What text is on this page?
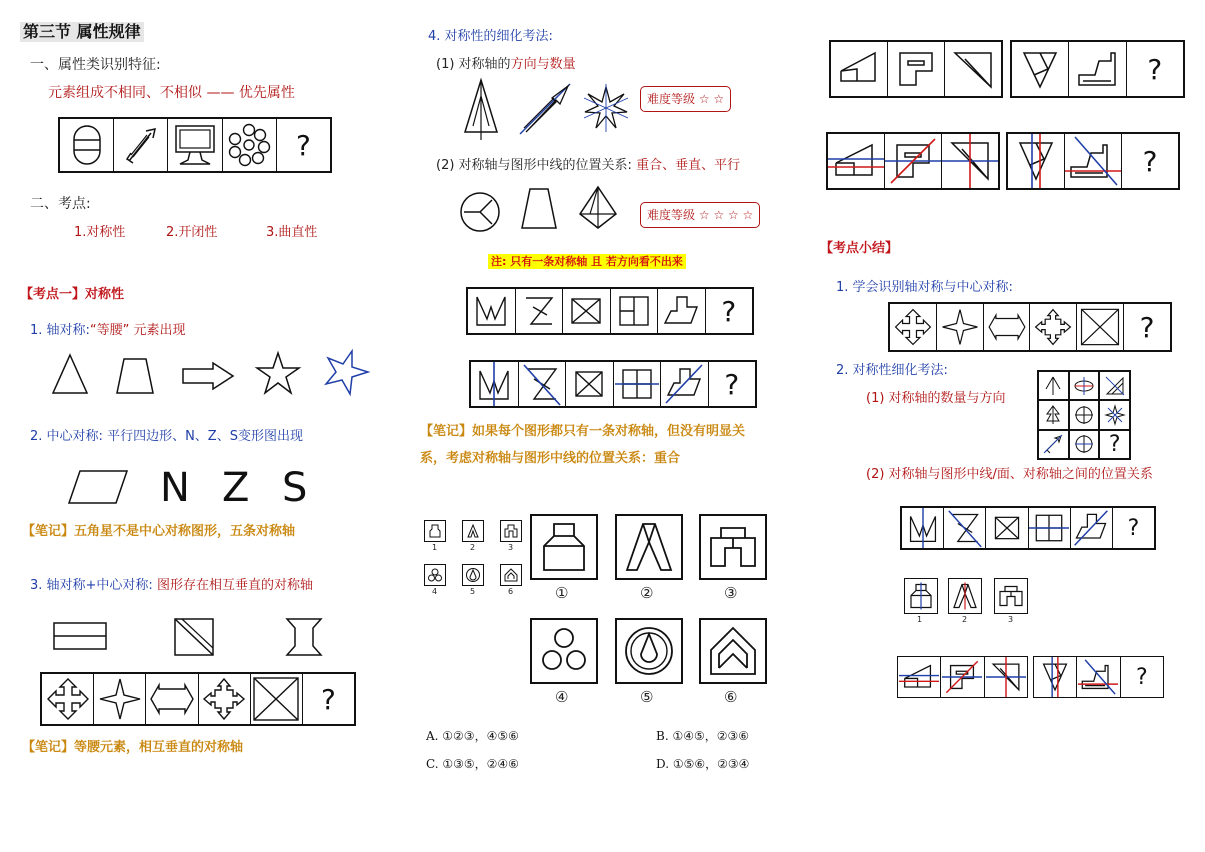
第三节 属性规律
一、属性类识别特征:
元素组成不相同、不相似 —— 优先属性
?
二、考点:
1.对称性	2.开闭性	3.曲直性
【考点一】对称性
1. 轴对称:“等腰” 元素出现
2. 中心对称: 平行四边形、N、Z、S变形图出现
N Z S
【笔记】五角星不是中心对称图形，五条对称轴
3. 轴对称+中心对称: 图形存在相互垂直的对称轴
?
【笔记】等腰元素，相互垂直的对称轴
4. 对称性的细化考法:
(1) 对称轴的方向与数量
难度等级 ☆ ☆
(2) 对称轴与图形中线的位置关系: 重合、垂直、平行
难度等级 ☆ ☆ ☆ ☆
注: 只有一条对称轴 且 若方向看不出来
?
?
【笔记】如果每个图形都只有一条对称轴，但没有明显关
系，考虑对称轴与图形中线的位置关系：重合
1	2	3
4	5	6	①	②	③
④	⑤	⑥
A. ①②③，④⑤⑥	B. ①④⑤，②③⑥
C. ①③⑤，②④⑥	D. ①⑤⑥，②③④
?
?
【考点小结】
1. 学会识别轴对称与中心对称:
?
2. 对称性细化考法:
(1) 对称轴的数量与方向
?
(2) 对称轴与图形中线/面、对称轴之间的位置关系
?
1	2	3
?
